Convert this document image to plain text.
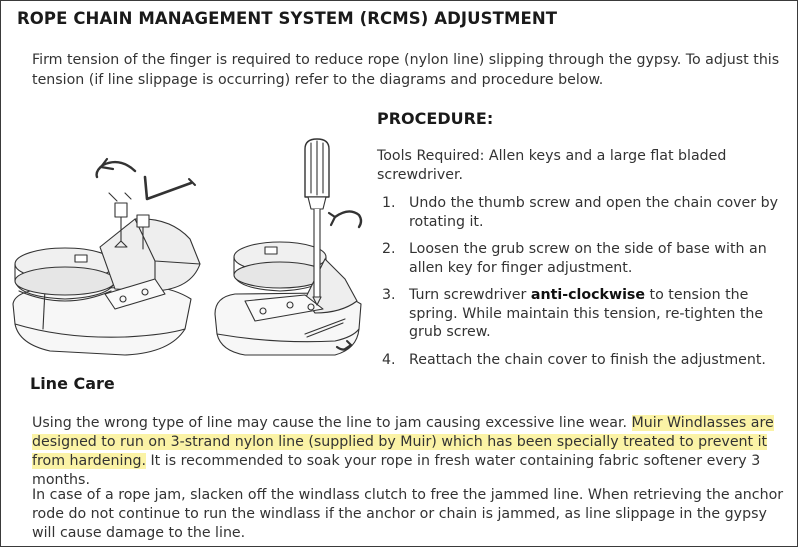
ROPE CHAIN MANAGEMENT SYSTEM (RCMS) ADJUSTMENT
Firm tension of the finger is required to reduce rope (nylon line) slipping through the gypsy. To adjust this tension (if line slippage is occurring) refer to the diagrams and procedure below.
PROCEDURE:
Tools Required: Allen keys and a large flat bladed screwdriver.
1. Undo the thumb screw and open the chain cover by rotating it.
2. Loosen the grub screw on the side of base with an allen key for finger adjustment.
3. Turn screwdriver anti-clockwise to tension the spring. While maintain this tension, re-tighten the grub screw.
4. Reattach the chain cover to finish the adjustment.
Line Care
Using the wrong type of line may cause the line to jam causing excessive line wear. Muir Windlasses are designed to run on 3-strand nylon line (supplied by Muir) which has been specially treated to prevent it from hardening. It is recommended to soak your rope in fresh water containing fabric softener every 3 months.
In case of a rope jam, slacken off the windlass clutch to free the jammed line. When retrieving the anchor rode do not continue to run the windlass if the anchor or chain is jammed, as line slippage in the gypsy will cause damage to the line.
